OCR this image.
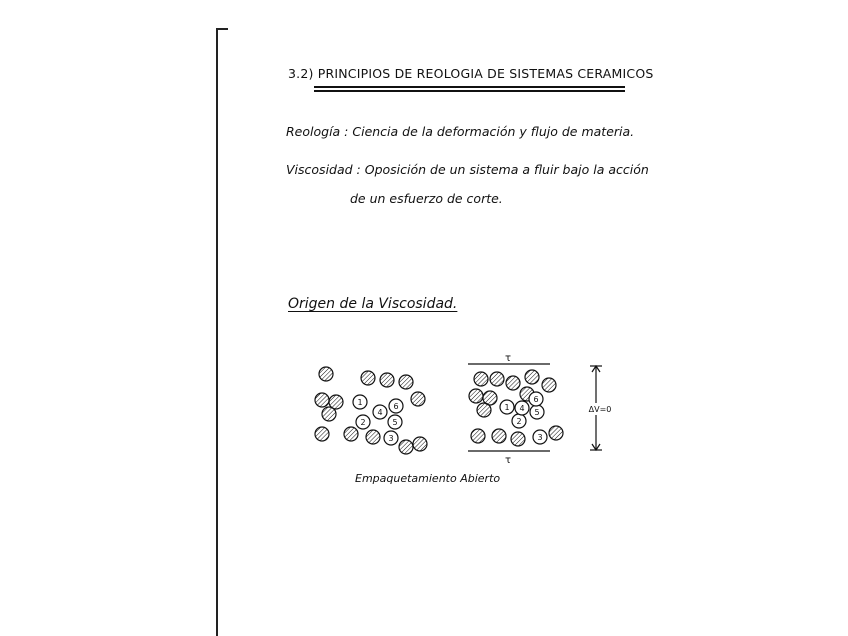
3.2) PRINCIPIOS DE REOLOGIA DE SISTEMAS CERAMICOS
Reología : Ciencia de la deformación y flujo de materia.
Viscosidad : Oposición de un sistema a fluir bajo la acción
de un esfuerzo de corte.
Origen de la Viscosidad.
1
2
3
4
5
6	1
2
3
4 5
6
τ
τ
ΔV=0
Empaquetamiento Abierto
